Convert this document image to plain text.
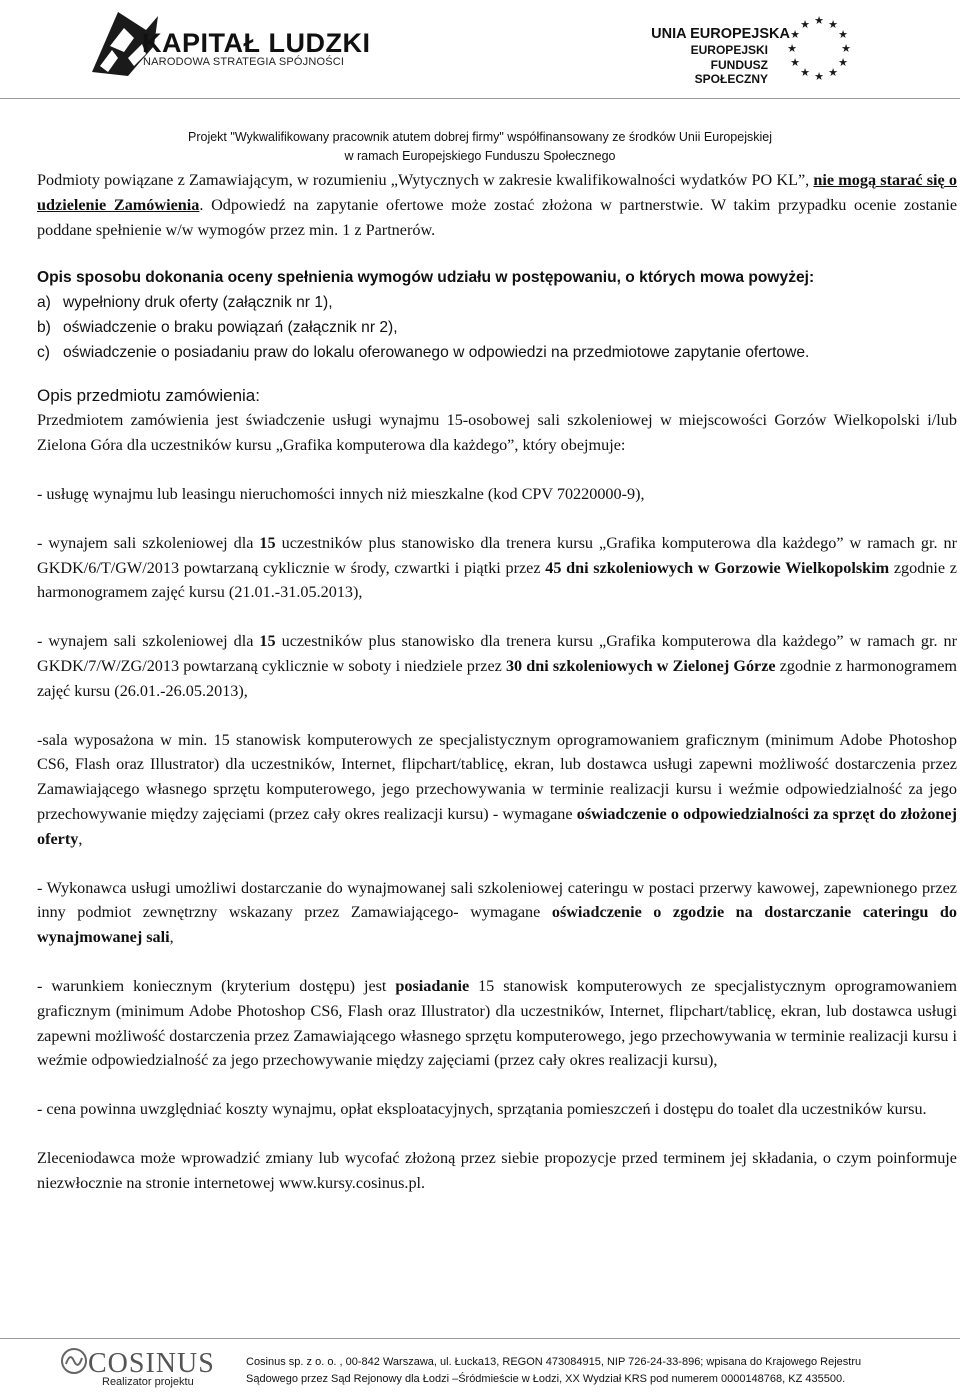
KAPITAŁ LUDZKI
NARODOWA STRATEGIA SPÓJNOŚCI
UNIA EUROPEJSKA
EUROPEJSKI
FUNDUSZ SPOŁECZNY
★ ★
★
★
★
★
★
★
★
★
★
★
Projekt "Wykwalifikowany pracownik atutem dobrej firmy" współfinansowany ze środków Unii Europejskiej
w ramach Europejskiego Funduszu Społecznego

Podmioty powiązane z Zamawiającym, w rozumieniu „Wytycznych w zakresie kwalifikowalności wydatków PO KL”, nie mogą starać się o udzielenie Zamówienia. Odpowiedź na zapytanie ofertowe może zostać złożona w partnerstwie. W takim przypadku ocenie zostanie poddane spełnienie w/w wymogów przez min. 1 z Partnerów.

Opis sposobu dokonania oceny spełnienia wymogów udziału w postępowaniu, o których mowa powyżej:

a) wypełniony druk oferty (załącznik nr 1),
b) oświadczenie o braku powiązań (załącznik nr 2),
c) oświadczenie o posiadaniu praw do lokalu oferowanego w odpowiedzi na przedmiotowe zapytanie ofertowe.

Opis przedmiotu zamówienia:

Przedmiotem zamówienia jest świadczenie usługi wynajmu 15-osobowej sali szkoleniowej w miejscowości Gorzów Wielkopolski i/lub Zielona Góra dla uczestników kursu „Grafika komputerowa dla każdego”, który obejmuje:

- usługę wynajmu lub leasingu nieruchomości innych niż mieszkalne (kod CPV 70220000-9),

- wynajem sali szkoleniowej dla 15 uczestników plus stanowisko dla trenera kursu „Grafika komputerowa dla każdego” w ramach gr. nr GKDK/6/T/GW/2013 powtarzaną cyklicznie w środy, czwartki i piątki przez 45 dni szkoleniowych w Gorzowie Wielkopolskim zgodnie z harmonogramem zajęć kursu (21.01.-31.05.2013),

- wynajem sali szkoleniowej dla 15 uczestników plus stanowisko dla trenera kursu „Grafika komputerowa dla każdego” w ramach gr. nr GKDK/7/W/ZG/2013 powtarzaną cyklicznie w soboty i niedziele przez 30 dni szkoleniowych w Zielonej Górze zgodnie z harmonogramem zajęć kursu (26.01.-26.05.2013),

-sala wyposażona w min. 15 stanowisk komputerowych ze specjalistycznym oprogramowaniem graficznym (minimum Adobe Photoshop CS6, Flash oraz Illustrator) dla uczestników, Internet, flipchart/tablicę, ekran, lub dostawca usługi zapewni możliwość dostarczenia przez Zamawiającego własnego sprzętu komputerowego, jego przechowywania w terminie realizacji kursu i weźmie odpowiedzialność za jego przechowywanie między zajęciami (przez cały okres realizacji kursu) - wymagane oświadczenie o odpowiedzialności za sprzęt do złożonej oferty,

- Wykonawca usługi umożliwi dostarczanie do wynajmowanej sali szkoleniowej cateringu w postaci przerwy kawowej, zapewnionego przez inny podmiot zewnętrzny wskazany przez Zamawiającego- wymagane oświadczenie o zgodzie na dostarczanie cateringu do wynajmowanej sali,

- warunkiem koniecznym (kryterium dostępu) jest posiadanie 15 stanowisk komputerowych ze specjalistycznym oprogramowaniem graficznym (minimum Adobe Photoshop CS6, Flash oraz Illustrator) dla uczestników, Internet, flipchart/tablicę, ekran, lub dostawca usługi zapewni możliwość dostarczenia przez Zamawiającego własnego sprzętu komputerowego, jego przechowywania w terminie realizacji kursu i weźmie odpowiedzialność za jego przechowywanie między zajęciami (przez cały okres realizacji kursu),

- cena powinna uwzględniać koszty wynajmu, opłat eksploatacyjnych, sprzątania pomieszczeń i dostępu do toalet dla uczestników kursu.

Zleceniodawca może wprowadzić zmiany lub wycofać złożoną przez siebie propozycje przed terminem jej składania, o czym poinformuje niezwłocznie na stronie internetowej www.kursy.cosinus.pl.

COSINUS
Realizator projektu
Cosinus sp. z o. o. , 00-842 Warszawa, ul. Łucka13, REGON 473084915, NIP 726-24-33-896; wpisana do Krajowego Rejestru
Sądowego przez Sąd Rejonowy dla Łodzi –Śródmieście w Łodzi, XX Wydział KRS pod numerem 0000148768, KZ 435500.
